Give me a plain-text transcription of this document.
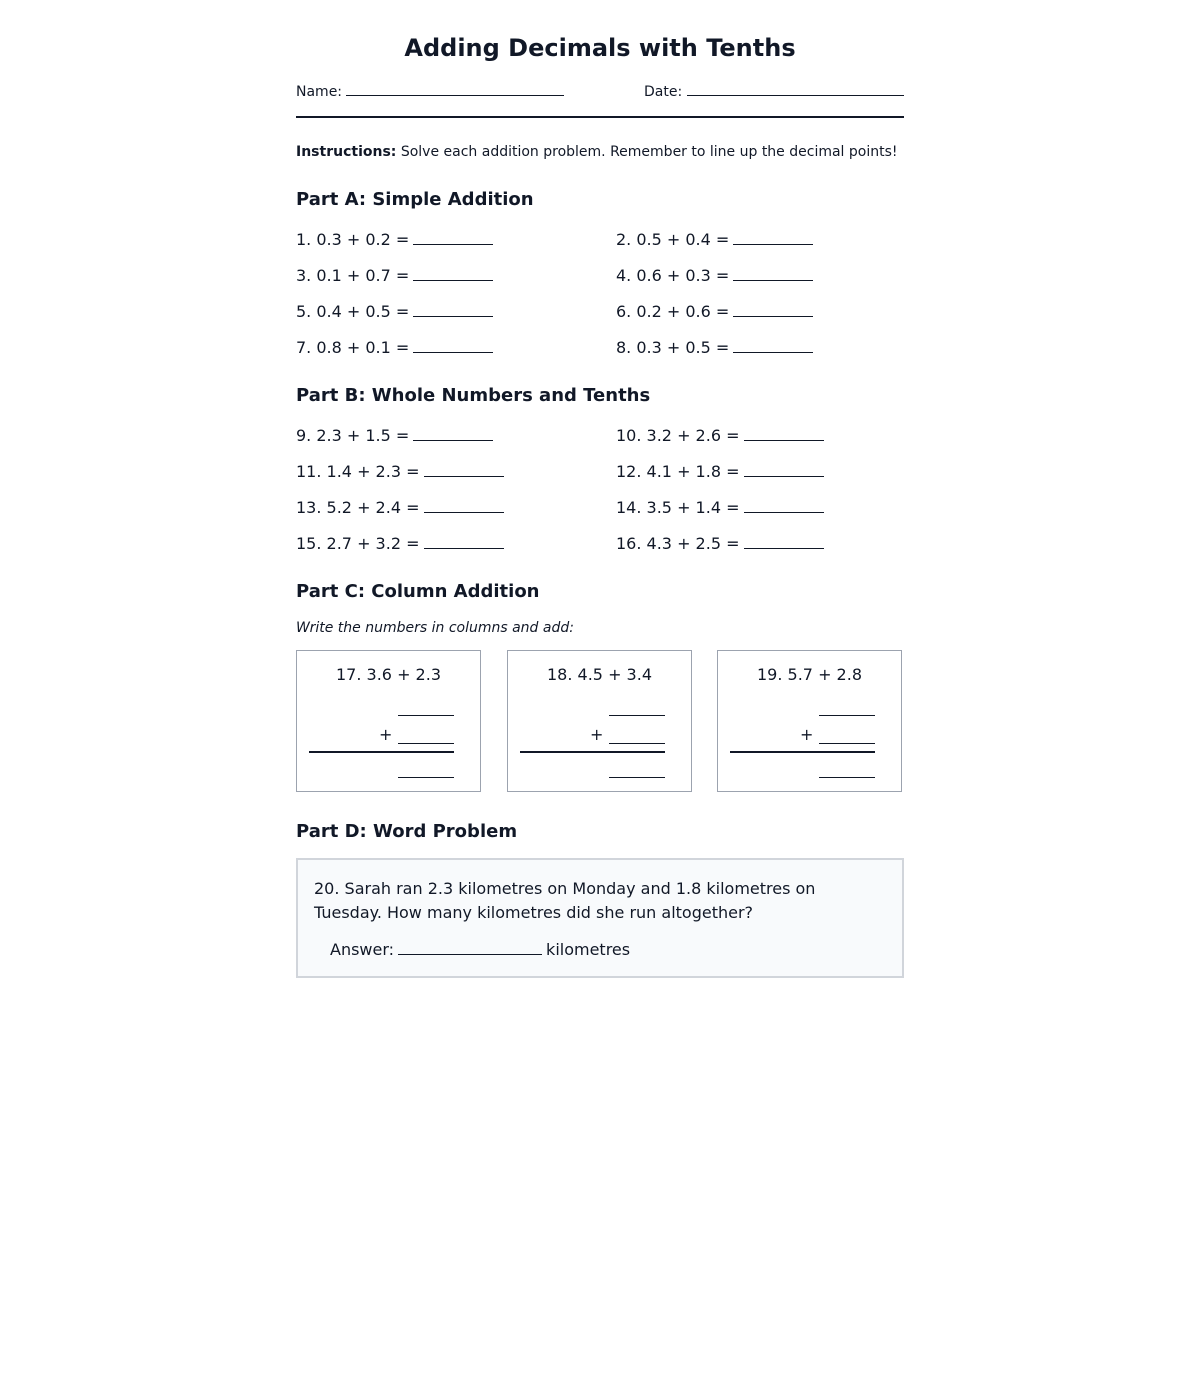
Adding Decimals with Tenths
Name:	Date:
Instructions: Solve each addition problem. Remember to line up the decimal points!
Part A: Simple Addition
1. 0.3 + 0.2 =	2. 0.5 + 0.4 =
3. 0.1 + 0.7 =	4. 0.6 + 0.3 =
5. 0.4 + 0.5 =	6. 0.2 + 0.6 =
7. 0.8 + 0.1 =	8. 0.3 + 0.5 =
Part B: Whole Numbers and Tenths
9. 2.3 + 1.5 =	10. 3.2 + 2.6 =
11. 1.4 + 2.3 =	12. 4.1 + 1.8 =
13. 5.2 + 2.4 =	14. 3.5 + 1.4 =
15. 2.7 + 3.2 =	16. 4.3 + 2.5 =
Part C: Column Addition
Write the numbers in columns and add:
17. 3.6 + 2.3
+
18. 4.5 + 3.4
+
19. 5.7 + 2.8
+
Part D: Word Problem
20. Sarah ran 2.3 kilometres on Monday and 1.8 kilometres on Tuesday. How many kilometres did she run altogether?
Answer:	kilometres
